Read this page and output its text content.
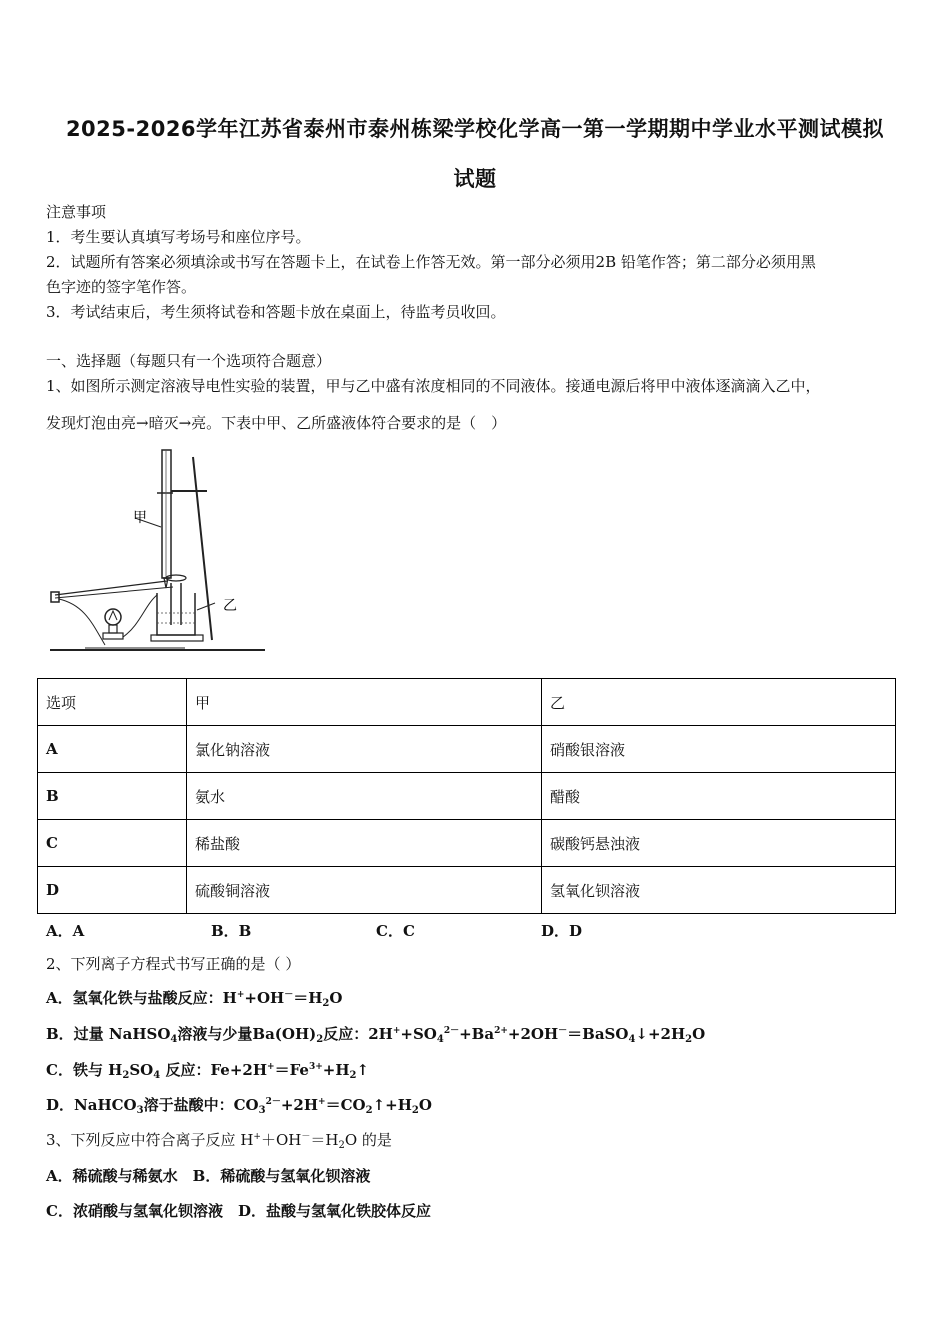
2025-2026学年江苏省泰州市泰州栋梁学校化学高一第一学期期中学业水平测试模拟
试题
注意事项
1．考生要认真填写考场号和座位序号。
2．试题所有答案必须填涂或书写在答题卡上，在试卷上作答无效。第一部分必须用2B 铅笔作答；第二部分必须用黑
色字迹的签字笔作答。
3．考试结束后，考生须将试卷和答题卡放在桌面上，待监考员收回。
一、选择题（每题只有一个选项符合题意）
1、如图所示测定溶液导电性实验的装置，甲与乙中盛有浓度相同的不同液体。接通电源后将甲中液体逐滴滴入乙中，
发现灯泡由亮→暗灭→亮。下表中甲、乙所盛液体符合要求的是（　）
甲
乙
选项	甲	乙
A	氯化钠溶液	硝酸银溶液
B	氨水	醋酸
C	稀盐酸	碳酸钙悬浊液
D	硫酸铜溶液	氢氧化钡溶液
A．A	B．B	C．C	D．D
2、下列离子方程式书写正确的是（ ）
A．氢氧化铁与盐酸反应：$H^++OH^-=H_2O$
B．过量 NaHSO$_4$溶液与少量$Ba(OH)_2$反应：$2H^++SO_4^{2-}+Ba^{2+}+2OH^-=BaSO_4↓+2H_2O$
C．铁与 $H_2SO_4$ 反应：$Fe+2H^+=Fe^{3+}+H_2↑$
D．NaHCO$_3$溶于盐酸中：$CO_3^{2-}+2H^+=CO_2↑+H_2O$
3、下列反应中符合离子反应 $H^++OH^-=H_2O$ 的是
A．稀硫酸与稀氨水　B．稀硫酸与氢氧化钡溶液
C．浓硝酸与氢氧化钡溶液　D．盐酸与氢氧化铁胶体反应
